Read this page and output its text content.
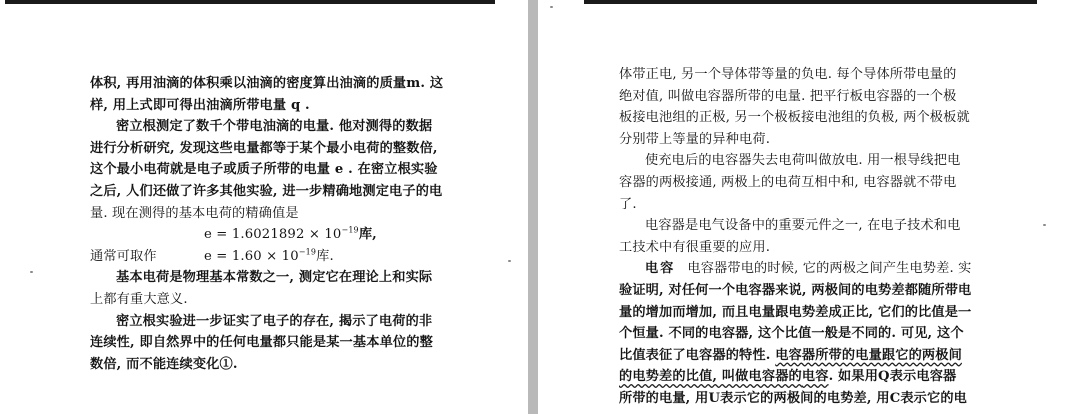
体积, 再用油滴的体积乘以油滴的密度算出油滴的质量m. 这
样, 用上式即可得出油滴所带电量 q .
密立根测定了数千个带电油滴的电量. 他对测得的数据
进行分析研究, 发现这些电量都等于某个最小电荷的整数倍,
这个最小电荷就是电子或质子所带的电量 e . 在密立根实验
之后, 人们还做了许多其他实验, 进一步精确地测定电子的电
量. 现在测得的基本电荷的精确值是
$e = 1.6021892 \times 10^{-19}$库,
通常可取作	$e = 1.60 \times 10^{-19}$库.
基本电荷是物理基本常数之一, 测定它在理论上和实际
上都有重大意义.
密立根实验进一步证实了电子的存在, 揭示了电荷的非
连续性, 即自然界中的任何电量都只能是某一基本单位的整
数倍, 而不能连续变化①.
体带正电, 另一个导体带等量的负电. 每个导体所带电量的
绝对值, 叫做电容器所带的电量. 把平行板电容器的一个极
板接电池组的正极, 另一个极板接电池组的负极, 两个极板就
分别带上等量的异种电荷.
使充电后的电容器失去电荷叫做放电. 用一根导线把电
容器的两极接通, 两极上的电荷互相中和, 电容器就不带电
了.
电容器是电气设备中的重要元件之一, 在电子技术和电
工技术中有很重要的应用.
电容 电容器带电的时候, 它的两极之间产生电势差. 实
验证明, 对任何一个电容器来说, 两极间的电势差都随所带电
量的增加而增加, 而且电量跟电势差成正比, 它们的比值是一
个恒量. 不同的电容器, 这个比值一般是不同的. 可见, 这个
比值表征了电容器的特性. 电容器所带的电量跟它的两极间
的电势差的比值, 叫做电容器的电容. 如果用Q表示电容器
所带的电量, 用U表示它的两极间的电势差, 用C表示它的电
